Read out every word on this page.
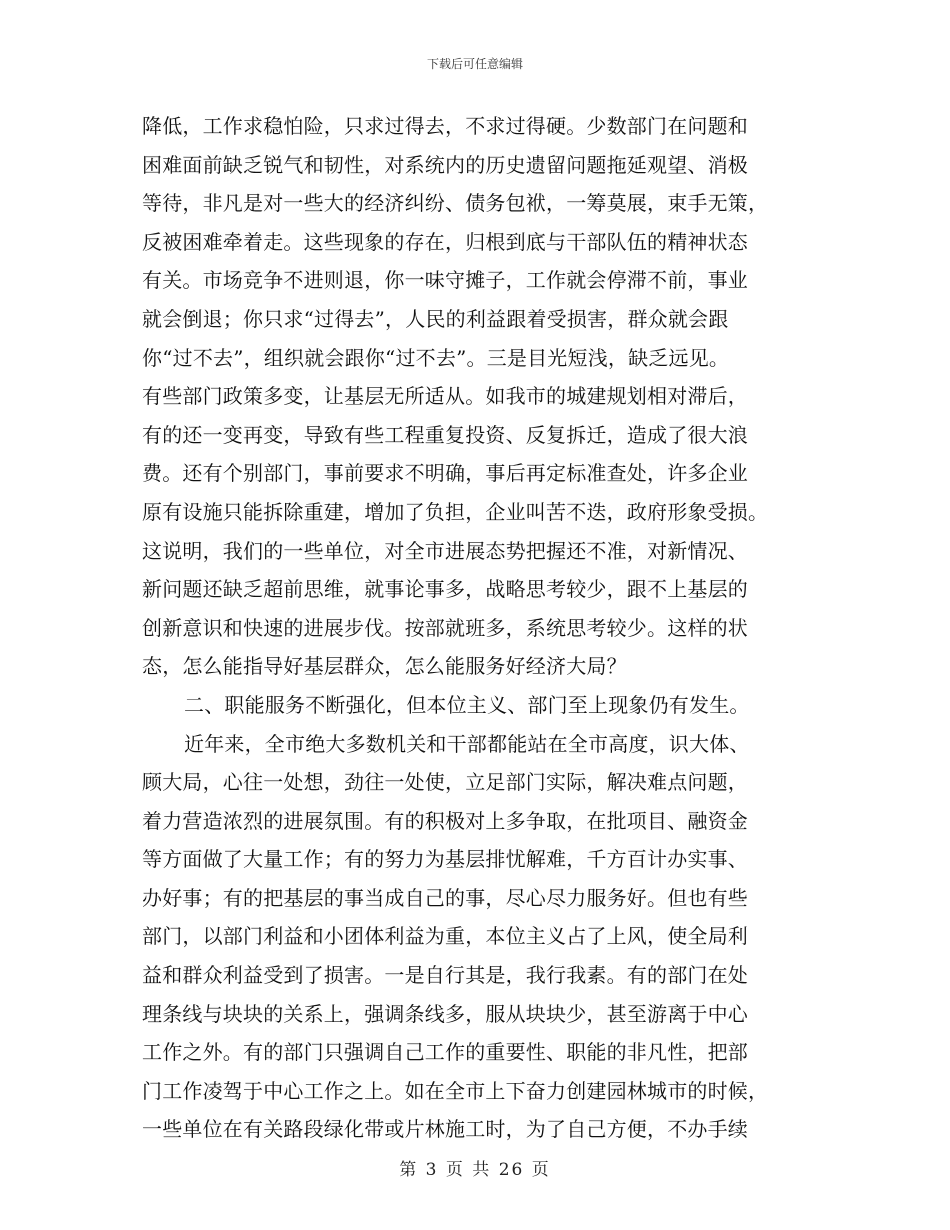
下载后可任意编辑
降低，工作求稳怕险，只求过得去，不求过得硬。少数部门在问题和
困难面前缺乏锐气和韧性，对系统内的历史遗留问题拖延观望、消极
等待，非凡是对一些大的经济纠纷、债务包袱，一筹莫展，束手无策，
反被困难牵着走。这些现象的存在，归根到底与干部队伍的精神状态
有关。市场竞争不进则退，你一味守摊子，工作就会停滞不前，事业
就会倒退；你只求“过得去”，人民的利益跟着受损害，群众就会跟
你“过不去”，组织就会跟你“过不去”。三是目光短浅，缺乏远见。
有些部门政策多变，让基层无所适从。如我市的城建规划相对滞后，
有的还一变再变，导致有些工程重复投资、反复拆迁，造成了很大浪
费。还有个别部门，事前要求不明确，事后再定标准查处，许多企业
原有设施只能拆除重建，增加了负担，企业叫苦不迭，政府形象受损。
这说明，我们的一些单位，对全市进展态势把握还不准，对新情况、
新问题还缺乏超前思维，就事论事多，战略思考较少，跟不上基层的
创新意识和快速的进展步伐。按部就班多，系统思考较少。这样的状
态，怎么能指导好基层群众，怎么能服务好经济大局？
二、职能服务不断强化，但本位主义、部门至上现象仍有发生。
近年来，全市绝大多数机关和干部都能站在全市高度，识大体、
顾大局，心往一处想，劲往一处使，立足部门实际，解决难点问题，
着力营造浓烈的进展氛围。有的积极对上多争取，在批项目、融资金
等方面做了大量工作；有的努力为基层排忧解难，千方百计办实事、
办好事；有的把基层的事当成自己的事，尽心尽力服务好。但也有些
部门，以部门利益和小团体利益为重，本位主义占了上风，使全局利
益和群众利益受到了损害。一是自行其是，我行我素。有的部门在处
理条线与块块的关系上，强调条线多，服从块块少，甚至游离于中心
工作之外。有的部门只强调自己工作的重要性、职能的非凡性，把部
门工作凌驾于中心工作之上。如在全市上下奋力创建园林城市的时候，
一些单位在有关路段绿化带或片林施工时，为了自己方便，不办手续
第 3 页 共 26 页
